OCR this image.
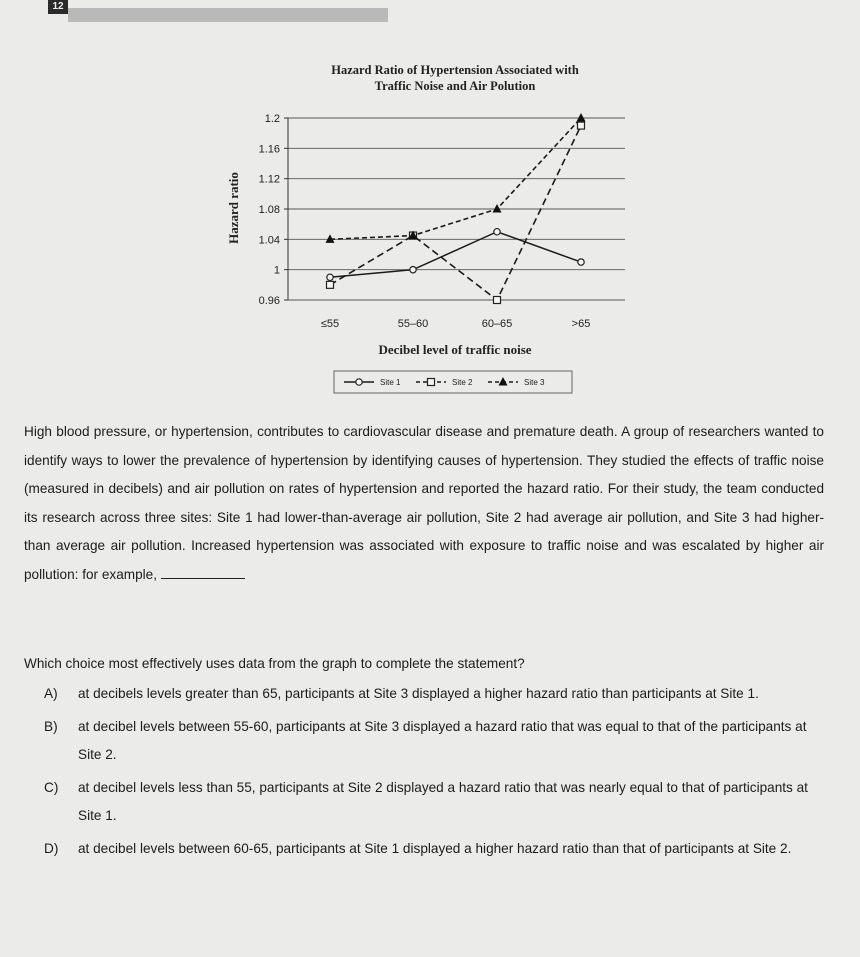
12
Hazard Ratio of Hypertension Associated with
Traffic Noise and Air Polution
0.96
1
1.04
1.08
1.12
1.16
1.2
≤55	55–60	60–65	>65
Hazard ratio
Decibel level of traffic noise
Site 1	Site 2	Site 3
High blood pressure, or hypertension, contributes to cardiovascular disease and premature death. A group of researchers wanted to identify ways to lower the prevalence of hypertension by identifying causes of hypertension. They studied the effects of traffic noise (measured in decibels) and air pollution on rates of hypertension and reported the hazard ratio. For their study, the team conducted its research across three sites: Site 1 had lower-than-average air pollution, Site 2 had average air pollution, and Site 3 had higher-than average air pollution. Increased hypertension was associated with exposure to traffic noise and was escalated by higher air pollution: for example,
Which choice most effectively uses data from the graph to complete the statement?
A)	at decibels levels greater than 65, participants at Site 3 displayed a higher hazard ratio than participants at Site 1.
B)	at decibel levels between 55-60, participants at Site 3 displayed a hazard ratio that was equal to that of the participants at Site 2.
C)	at decibel levels less than 55, participants at Site 2 displayed a hazard ratio that was nearly equal to that of participants at Site 1.
D)	at decibel levels between 60-65, participants at Site 1 displayed a higher hazard ratio than that of participants at Site 2.
